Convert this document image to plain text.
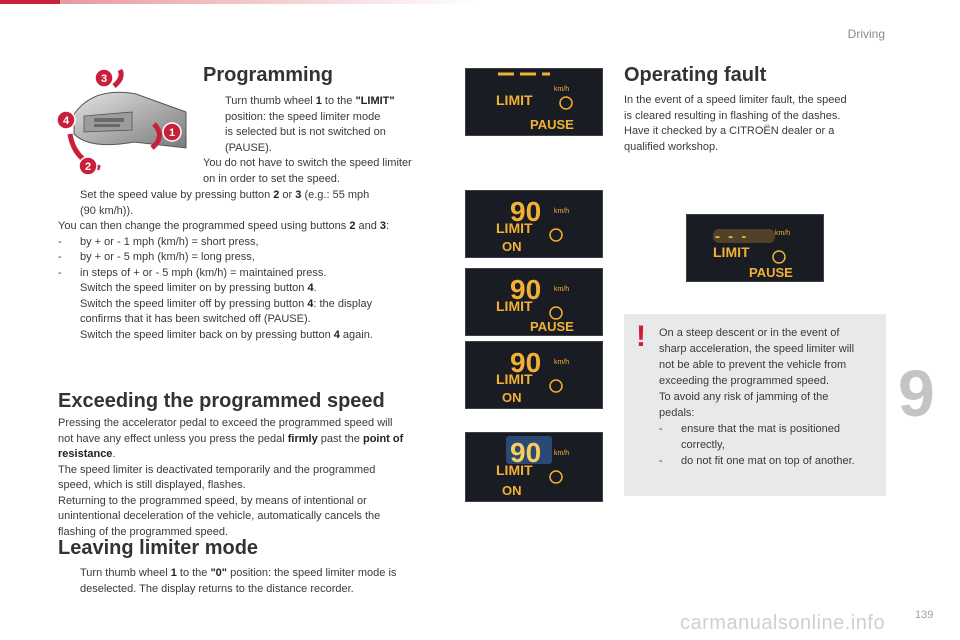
Driving
9
139
carmanualsonline.info
3
4
1
2
Programming
Turn thumb wheel 1 to the "LIMIT"
position: the speed limiter mode
is selected but is not switched on
(PAUSE).
You do not have to switch the speed limiter
on in order to set the speed.
Set the speed value by pressing button 2 or 3 (e.g.: 55 mph
(90 km/h)).
You can then change the programmed speed using buttons 2 and 3:
- by + or - 1 mph (km/h) = short press,
- by + or - 5 mph (km/h) = long press,
- in steps of + or - 5 mph (km/h) = maintained press.
Switch the speed limiter on by pressing button 4.
Switch the speed limiter off by pressing button 4: the display
confirms that it has been switched off (PAUSE).
Switch the speed limiter back on by pressing button 4 again.
Exceeding the programmed speed
Pressing the accelerator pedal to exceed the programmed speed will
not have any effect unless you press the pedal firmly past the point of
resistance.
The speed limiter is deactivated temporarily and the programmed
speed, which is still displayed, flashes.
Returning to the programmed speed, by means of intentional or
unintentional deceleration of the vehicle, automatically cancels the
flashing of the programmed speed.
Leaving limiter mode
Turn thumb wheel 1 to the "0" position: the speed limiter mode is
deselected. The display returns to the distance recorder.
Operating fault
In the event of a speed limiter fault, the speed
is cleared resulting in flashing of the dashes.
Have it checked by a CITROËN dealer or a
qualified workshop.
! On a steep descent or in the event of
sharp acceleration, the speed limiter will
not be able to prevent the vehicle from
exceeding the programmed speed.
To avoid any risk of jamming of the
pedals:
- ensure that the mat is positioned
correctly,
- do not fit one mat on top of another.
km/h
LIMIT
PAUSE
90 km/h
LIMIT
ON
90 km/h
LIMIT
PAUSE
90 km/h
LIMIT
ON
90 km/h
LIMIT
ON
- - -	km/h
LIMIT
PAUSE
